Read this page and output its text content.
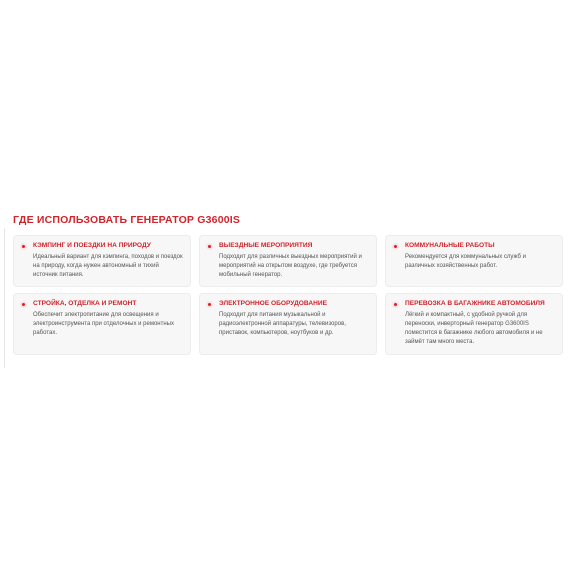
ГДЕ ИСПОЛЬЗОВАТЬ ГЕНЕРАТОР G3600IS
КЭМПИНГ И ПОЕЗДКИ НА ПРИРОДУ
Идеальный вариант для кэмпинга, походов и поездок на природу, когда нужен автономный и тихий источник питания.
ВЫЕЗДНЫЕ МЕРОПРИЯТИЯ
Подходит для различных выездных мероприятий и мероприятий на открытом воздухе, где требуется мобильный генератор.
КОММУНАЛЬНЫЕ РАБОТЫ
Рекомендуется для коммунальных служб и различных хозяйственных работ.
СТРОЙКА, ОТДЕЛКА И РЕМОНТ
Обеспечит электропитание для освещения и электроинструмента при отделочных и ремонтных работах.
ЭЛЕКТРОННОЕ ОБОРУДОВАНИЕ
Подходит для питания музыкальной и радиоэлектронной аппаратуры, телевизоров, приставок, компьютеров, ноутбуков и др.
ПЕРЕВОЗКА В БАГАЖНИКЕ АВТОМОБИЛЯ
Лёгкий и компактный, с удобной ручкой для переноски, инверторный генератор G3600IS поместится в багажнике любого автомобиля и не займёт там много места.
